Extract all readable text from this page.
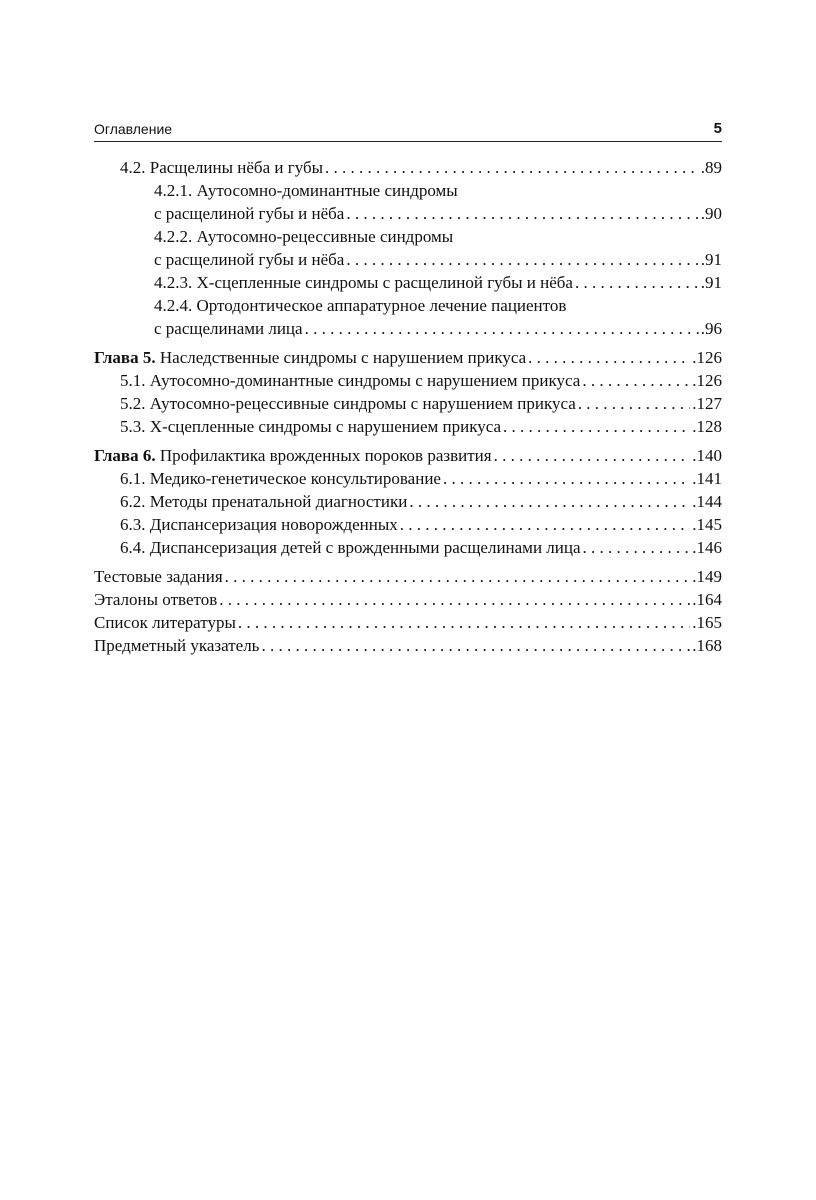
Оглавление	5
4.2. Расщелины нёба и губы . . .	.89
4.2.1. Аутосомно-доминантные синдромы
с расщелиной губы и нёба . . .	.90
4.2.2. Аутосомно-рецессивные синдромы
с расщелиной губы и нёба . . .	.91
4.2.3. Х-сцепленные синдромы с расщелиной губы и нёба . . .	.91
4.2.4. Ортодонтическое аппаратурное лечение пациентов
с расщелинами лица . . .	.96
Глава 5. Наследственные синдромы с нарушением прикуса . . .	.126
5.1. Аутосомно-доминантные синдромы с нарушением прикуса . . .	.126
5.2. Аутосомно-рецессивные синдромы с нарушением прикуса . . .	.127
5.3. Х-сцепленные синдромы с нарушением прикуса . . .	.128
Глава 6. Профилактика врожденных пороков развития . . .	.140
6.1. Медико-генетическое консультирование . . .	.141
6.2. Методы пренатальной диагностики . . .	.144
6.3. Диспансеризация новорожденных . . .	.145
6.4. Диспансеризация детей с врожденными расщелинами лица . . .	.146
Тестовые задания . . .	.149
Эталоны ответов . . .	.164
Список литературы . . .	.165
Предметный указатель . . .	.168
